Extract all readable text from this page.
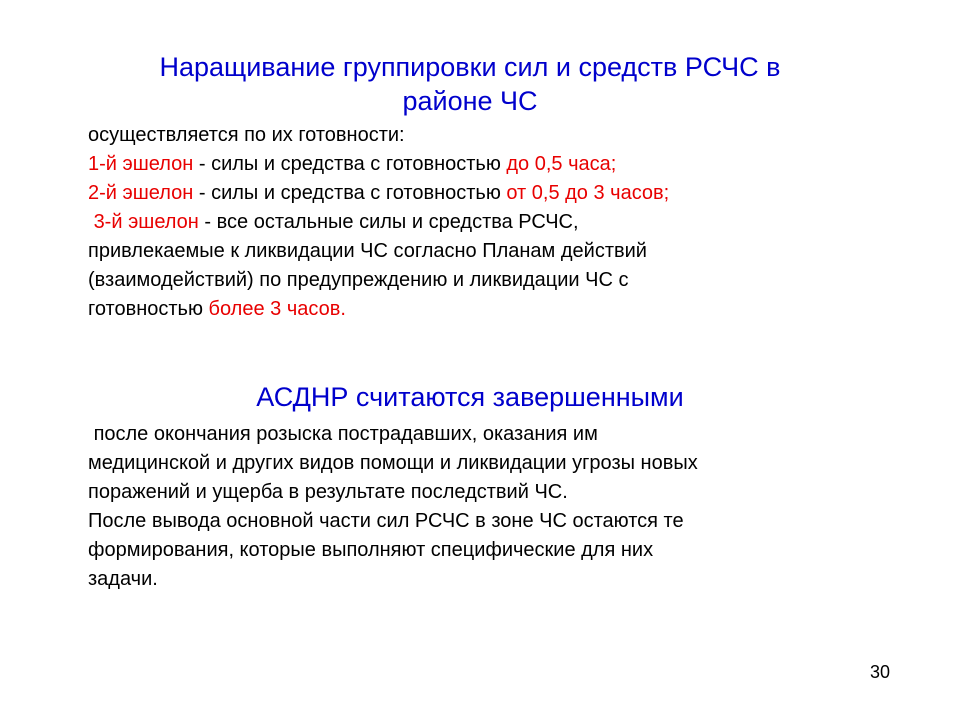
Наращивание группировки сил и средств РСЧС в
районе ЧС

осуществляется по их готовности:

1-й эшелон - силы и средства с готовностью до 0,5 часа;

2-й эшелон - силы и средства с готовностью от 0,5 до 3 часов;

3-й эшелон - все остальные силы и средства РСЧС,

привлекаемые к ликвидации ЧС согласно Планам действий

(взаимодействий) по предупреждению и ликвидации ЧС с

готовностью более 3 часов.

АСДНР считаются завершенными

после окончания розыска пострадавших, оказания им

медицинской и других видов помощи и ликвидации угрозы новых

поражений и ущерба в результате последствий ЧС.

После вывода основной части сил РСЧС в зоне ЧС остаются те

формирования, которые выполняют специфические для них

задачи.

30
